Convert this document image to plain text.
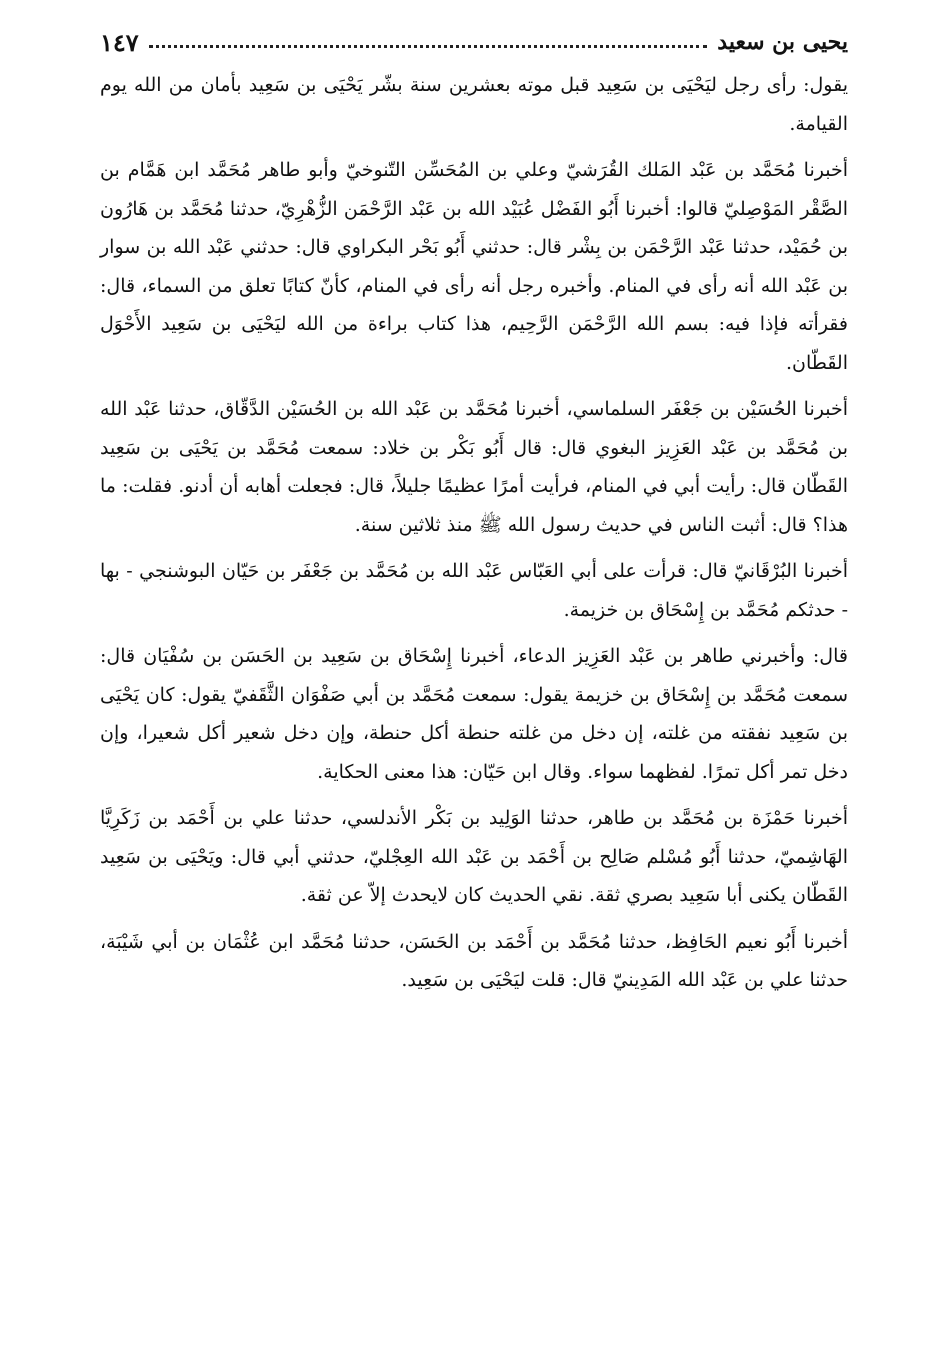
يحيى بن سعيد
١٤٧

يقول: رأى رجل ليَحْيَى بن سَعِيد قبل موته بعشرين سنة بشّر يَحْيَى بن سَعِيد بأمان من الله يوم القيامة.

أخبرنا مُحَمَّد بن عَبْد المَلك القُرَشيّ وعلي بن المُحَسِّن التّنوخيّ وأبو طاهر مُحَمَّد ابن هَمَّام بن الصَّقْر المَوْصِليّ قالوا: أخبرنا أَبُو الفَضْل عُبَيْد الله بن عَبْد الرَّحْمَن الزُّهْرِيّ، حدثنا مُحَمَّد بن هَارُون بن حُمَيْد، حدثنا عَبْد الرَّحْمَن بن بِشْر قال: حدثني أَبُو بَحْر البكراوي قال: حدثني عَبْد الله بن سوار بن عَبْد الله أنه رأى في المنام. وأخبره رجل أنه رأى في المنام، كأنّ كتابًا تعلق من السماء، قال: فقرأته فإذا فيه: بسم الله الرَّحْمَن الرَّحِيم، هذا كتاب براءة من الله ليَحْيَى بن سَعِيد الأَحْوَل القَطّان.

أخبرنا الحُسَيْن بن جَعْفَر السلماسي، أخبرنا مُحَمَّد بن عَبْد الله بن الحُسَيْن الدَّقّاق، حدثنا عَبْد الله بن مُحَمَّد بن عَبْد العَزِيز البغوي قال: قال أَبُو بَكْر بن خلاد: سمعت مُحَمَّد بن يَحْيَى بن سَعِيد القَطّان قال: رأيت أبي في المنام، فرأيت أمرًا عظيمًا جليلاً، قال: فجعلت أهابه أن أدنو. فقلت: ما هذا؟ قال: أثبت الناس في حديث رسول الله ﷺ منذ ثلاثين سنة.

أخبرنا البُرْقَانيّ قال: قرأت على أبي العَبّاس عَبْد الله بن مُحَمَّد بن جَعْفَر بن حَيّان البوشنجي - بها - حدثكم مُحَمَّد بن إِسْحَاق بن خزيمة.

قال: وأخبرني طاهر بن عَبْد العَزِيز الدعاء، أخبرنا إِسْحَاق بن سَعِيد بن الحَسَن بن سُفْيَان قال: سمعت مُحَمَّد بن إِسْحَاق بن خزيمة يقول: سمعت مُحَمَّد بن أبي صَفْوَان الثَّقَفيّ يقول: كان يَحْيَى بن سَعِيد نفقته من غلته، إن دخل من غلته حنطة أكل حنطة، وإن دخل شعير أكل شعيرا، وإن دخل تمر أكل تمرًا. لفظهما سواء. وقال ابن حَيّان: هذا معنى الحكاية.

أخبرنا حَمْزَة بن مُحَمَّد بن طاهر، حدثنا الوَلِيد بن بَكْر الأندلسي، حدثنا علي بن أَحْمَد بن زَكَرِيَّا الهَاشِميّ، حدثنا أَبُو مُسْلم صَالِح بن أَحْمَد بن عَبْد الله العِجْليّ، حدثني أبي قال: ويَحْيَى بن سَعِيد القَطّان يكنى أبا سَعِيد بصري ثقة. نقي الحديث كان لايحدث إلاّ عن ثقة.

أخبرنا أَبُو نعيم الحَافِظ، حدثنا مُحَمَّد بن أَحْمَد بن الحَسَن، حدثنا مُحَمَّد ابن عُثْمَان بن أبي شَيْبَة، حدثنا علي بن عَبْد الله المَدِينيّ قال: قلت ليَحْيَى بن سَعِيد.
